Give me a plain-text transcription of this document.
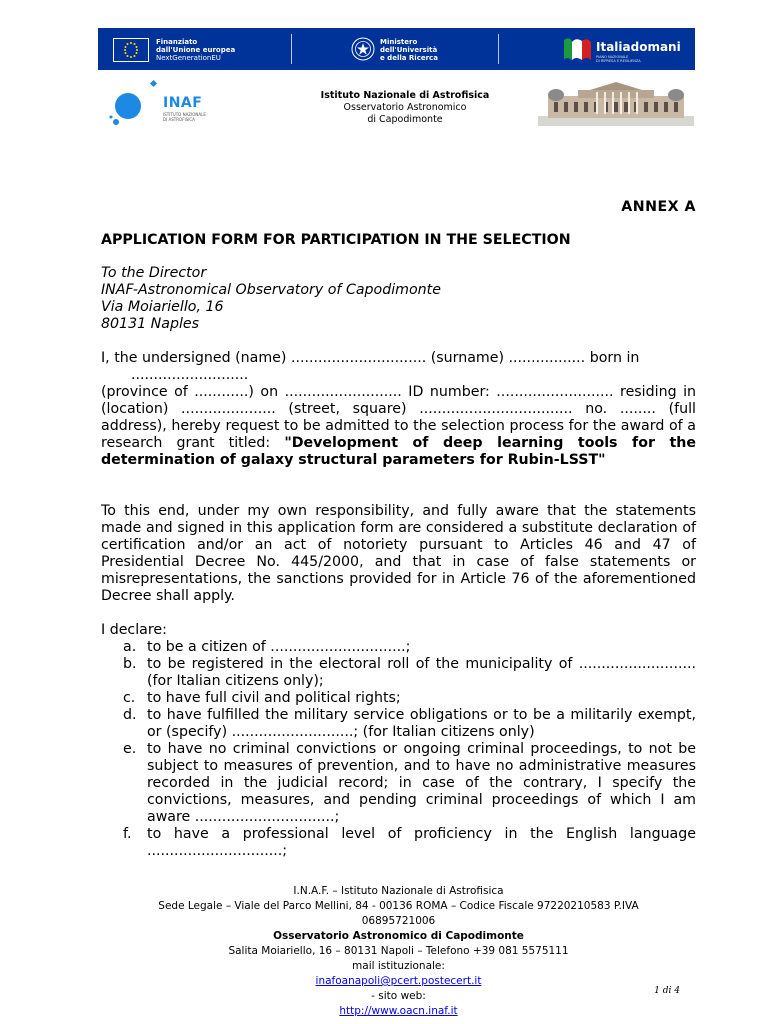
Finanziato
dall'Unione europea
NextGenerationEU
Ministero
dell'Università
e della Ricerca
Italiadomani
PIANO NAZIONALE
DI RIPRESA E RESILIENZA
INAF
ISTITUTO NAZIONALE
DI ASTROFISICA
Istituto Nazionale di Astrofisica
Osservatorio Astronomico
di Capodimonte
ANNEX A
APPLICATION FORM FOR PARTICIPATION IN THE SELECTION
To the Director
INAF-Astronomical Observatory of Capodimonte
Via Moiariello, 16
80131 Naples
I, the undersigned (name) .............................. (surname) ................. born in
..........................
(province of ............) on .......................... ID number: .......................... residing in (location) ..................... (street, square) .................................. no. ........ (full address), hereby request to be admitted to the selection process for the award of a research grant titled: "Development of deep learning tools for the determination of galaxy structural parameters for Rubin-LSST"
To this end, under my own responsibility, and fully aware that the statements made and signed in this application form are considered a substitute declaration of certification and/or an act of notoriety pursuant to Articles 46 and 47 of Presidential Decree No. 445/2000, and that in case of false statements or misrepresentations, the sanctions provided for in Article 76 of the aforementioned Decree shall apply.
I declare:
a. to be a citizen of ..............................;
b. to be registered in the electoral roll of the municipality of .......................... (for Italian citizens only);
c. to have full civil and political rights;
d. to have fulfilled the military service obligations or to be a militarily exempt, or (specify) ...........................; (for Italian citizens only)
e. to have no criminal convictions or ongoing criminal proceedings, to not be subject to measures of prevention, and to have no administrative measures recorded in the judicial record; in case of the contrary, I specify the convictions, measures, and pending criminal proceedings of which I am aware ...............................;
f. to have a professional level of proficiency in the English language ..............................;
I.N.A.F. – Istituto Nazionale di Astrofisica
Sede Legale – Viale del Parco Mellini, 84 - 00136 ROMA – Codice Fiscale 97220210583 P.IVA
06895721006
Osservatorio Astronomico di Capodimonte
Salita Moiariello, 16 – 80131 Napoli – Telefono +39 081 5575111
mail istituzionale:
inafoanapoli@pcert.postecert.it
- sito web:
http://www.oacn.inaf.it
1 di 4
